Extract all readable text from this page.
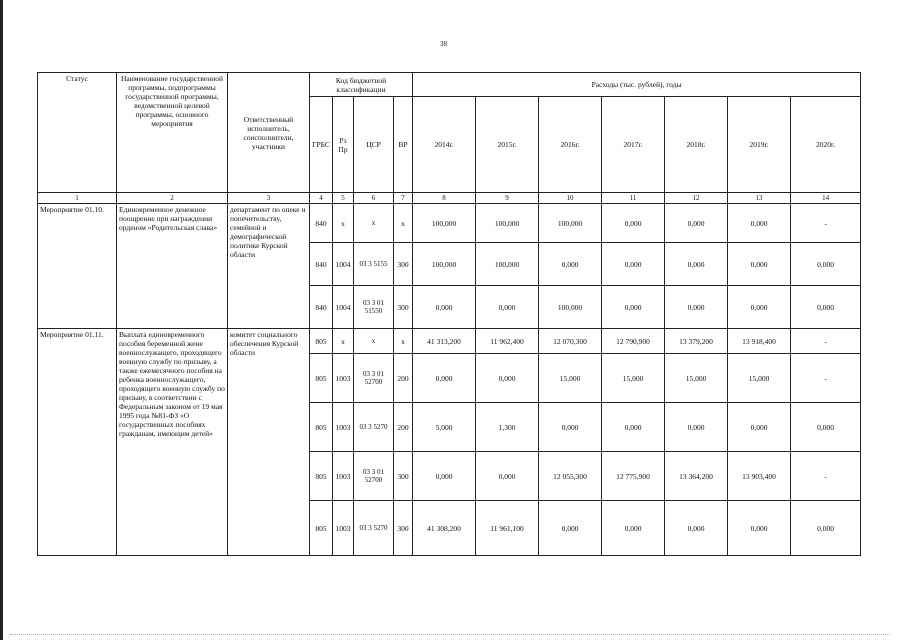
38
Статус	Наименование государственной программы, подпрограммы государственной программы, ведомственной целевой программы, основного мероприятия	Ответственный исполнитель, соисполнители, участники	Код бюджетной классификации				Расходы (тыс. рублей), годы						
			ГРБС	Рз Пр	ЦСР	ВР	2014г.	2015г.	2016г.	2017г.	2018г.	2019г.	2020г.
1	2	3	4	5	6	7	8	9	10	11	12	13	14
Мероприятие 01.10.	Единовременное денежное поощрение при награждении орденом «Родительская слава»	департамент по опеке и попечительству, семейной и демографической политике Курской области	840	x	x	x	100,000	100,000	100,000	0,000	0,000	0,000	-
			840	1004	03 3 5155	300	100,000	100,000	0,000	0,000	0,000	0,000	0,000
			840	1004	03 3 01 51550	300	0,000	0,000	100,000	0,000	0,000	0,000	0,000
Мероприятие 01.11.	Выплата единовременного пособия беременной жене военнослужащего, проходящего военную службу по призыву, а также ежемесячного пособия на ребенка военнослужащего, проходящего военную службу по призыву, в соответствии с Федеральным законом от 19 мая 1995 года №81-ФЗ «О государственных пособиях гражданам, имеющим детей»	комитет социального обеспечения Курской области	805	x	x	x	41 313,200	11 962,400	12 070,300	12 790,900	13 379,200	13 918,400	-
			805	1003	03 3 01 52700	200	0,000	0,000	15,000	15,000	15,000	15,000	-
			805	1003	03 3 5270	200	5,000	1,300	0,000	0,000	0,000	0,000	0,000
			805	1003	03 3 01 52700	300	0,000	0,000	12 055,300	12 775,900	13 364,200	13 903,400	-
			805	1003	03 3 5270	300	41 308,200	11 961,100	0,000	0,000	0,000	0,000	0,000
